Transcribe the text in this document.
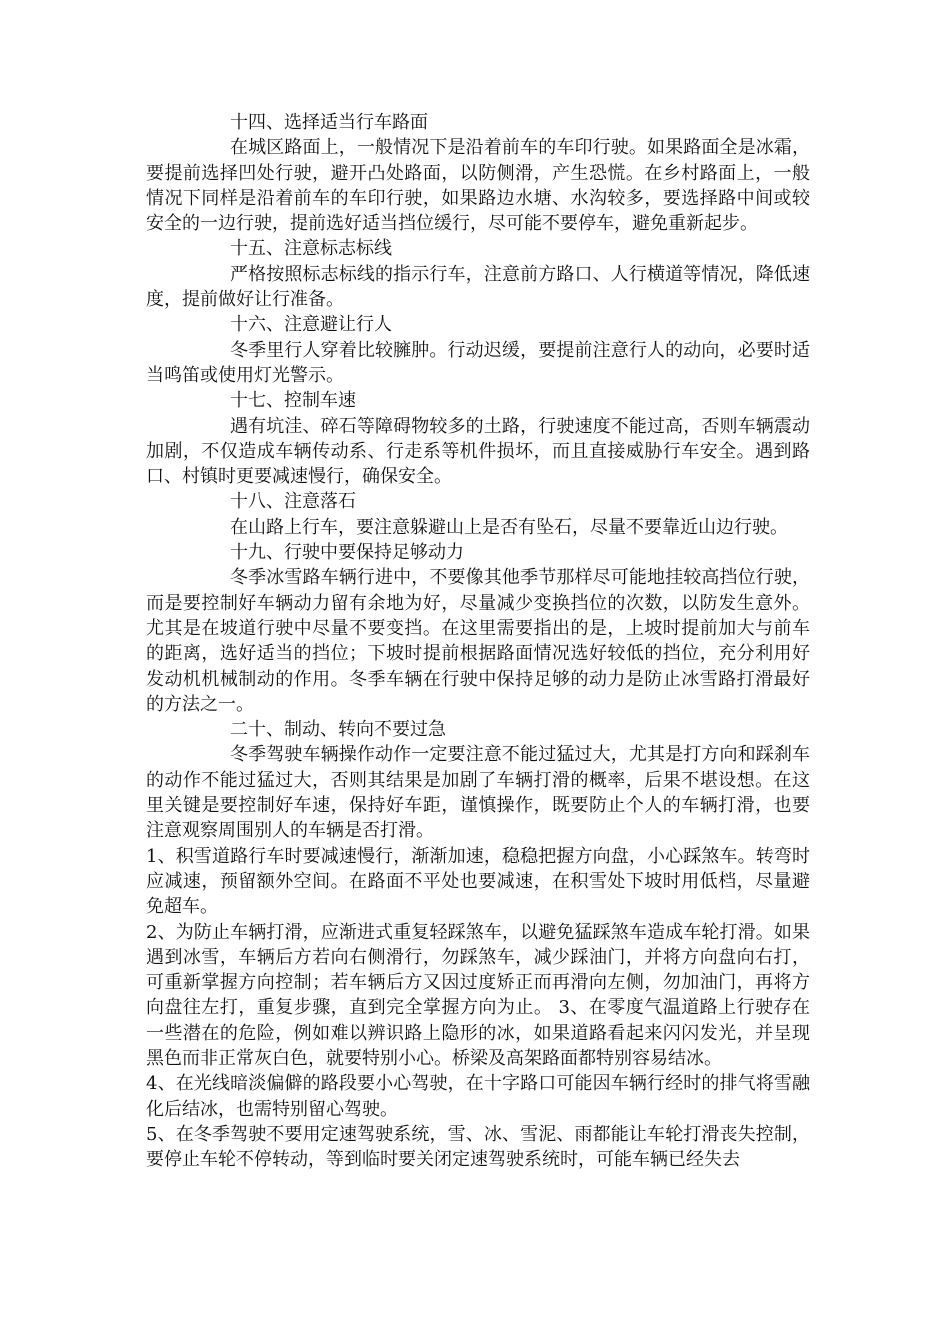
十四、选择适当行车路面

在城区路面上，一般情况下是沿着前车的车印行驶。如果路面全是冰霜，要提前选择凹处行驶，避开凸处路面，以防侧滑，产生恐慌。在乡村路面上，一般情况下同样是沿着前车的车印行驶，如果路边水塘、水沟较多，要选择路中间或较安全的一边行驶，提前选好适当挡位缓行，尽可能不要停车，避免重新起步。

十五、注意标志标线

严格按照标志标线的指示行车，注意前方路口、人行横道等情况，降低速度，提前做好让行准备。

十六、注意避让行人

冬季里行人穿着比较臃肿。行动迟缓，要提前注意行人的动向，必要时适当鸣笛或使用灯光警示。

十七、控制车速

遇有坑洼、碎石等障碍物较多的土路，行驶速度不能过高，否则车辆震动加剧，不仅造成车辆传动系、行走系等机件损坏，而且直接威胁行车安全。遇到路口、村镇时更要减速慢行，确保安全。

十八、注意落石

在山路上行车，要注意躲避山上是否有坠石，尽量不要靠近山边行驶。

十九、行驶中要保持足够动力

冬季冰雪路车辆行进中，不要像其他季节那样尽可能地挂较高挡位行驶，而是要控制好车辆动力留有余地为好，尽量减少变换挡位的次数，以防发生意外。尤其是在坡道行驶中尽量不要变挡。在这里需要指出的是，上坡时提前加大与前车的距离，选好适当的挡位；下坡时提前根据路面情况选好较低的挡位，充分利用好发动机机械制动的作用。冬季车辆在行驶中保持足够的动力是防止冰雪路打滑最好的方法之一。

二十、制动、转向不要过急

冬季驾驶车辆操作动作一定要注意不能过猛过大，尤其是打方向和踩刹车的动作不能过猛过大，否则其结果是加剧了车辆打滑的概率，后果不堪设想。在这里关键是要控制好车速，保持好车距，谨慎操作，既要防止个人的车辆打滑，也要注意观察周围别人的车辆是否打滑。

1、积雪道路行车时要减速慢行，渐渐加速，稳稳把握方向盘，小心踩煞车。转弯时应减速，预留额外空间。在路面不平处也要减速，在积雪处下坡时用低档，尽量避免超车。

2、为防止车辆打滑，应渐进式重复轻踩煞车，以避免猛踩煞车造成车轮打滑。如果遇到冰雪，车辆后方若向右侧滑行，勿踩煞车，减少踩油门，并将方向盘向右打，可重新掌握方向控制；若车辆后方又因过度矫正而再滑向左侧，勿加油门，再将方向盘往左打，重复步骤，直到完全掌握方向为止。 3、在零度气温道路上行驶存在一些潜在的危险，例如难以辨识路上隐形的冰，如果道路看起来闪闪发光，并呈现黑色而非正常灰白色，就要特别小心。桥梁及高架路面都特别容易结冰。

4、在光线暗淡偏僻的路段要小心驾驶，在十字路口可能因车辆行经时的排气将雪融化后结冰，也需特别留心驾驶。

5、在冬季驾驶不要用定速驾驶系统，雪、冰、雪泥、雨都能让车轮打滑丧失控制，要停止车轮不停转动，等到临时要关闭定速驾驶系统时，可能车辆已经失去
